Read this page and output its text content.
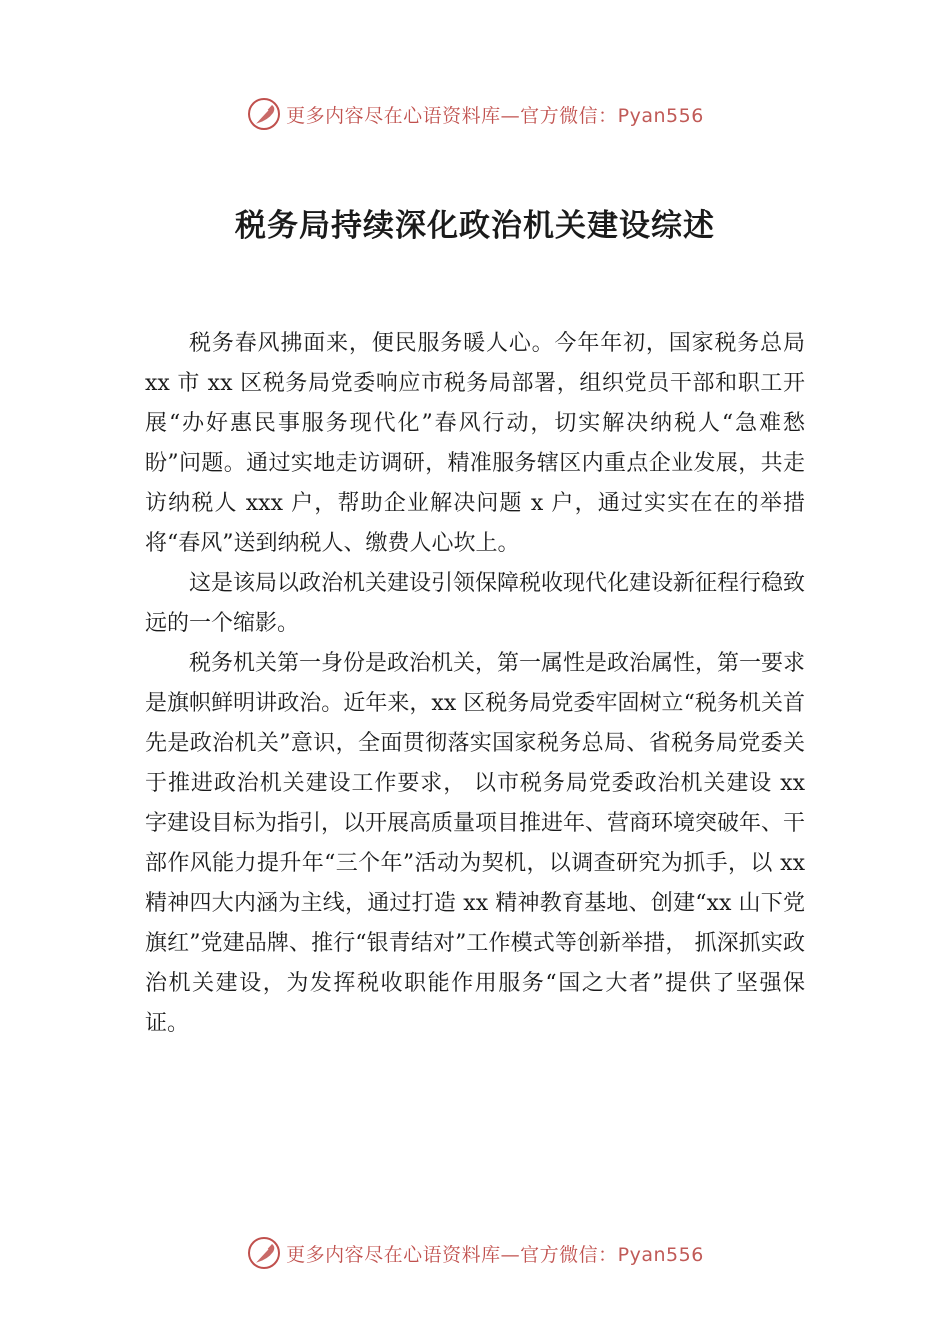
更多内容尽在心语资料库—官方微信：Pyan556
税务局持续深化政治机关建设综述

税务春风拂面来，便民服务暖人心。今年年初，国家税务总局 xx 市 xx 区税务局党委响应市税务局部署，组织党员干部和职工开展“办好惠民事服务现代化”春风行动，切实解决纳税人“急难愁盼”问题。通过实地走访调研，精准服务辖区内重点企业发展，共走访纳税人 xxx 户，帮助企业解决问题 x 户，通过实实在在的举措将“春风”送到纳税人、缴费人心坎上。

这是该局以政治机关建设引领保障税收现代化建设新征程行稳致远的一个缩影。

税务机关第一身份是政治机关，第一属性是政治属性，第一要求是旗帜鲜明讲政治。近年来，xx 区税务局党委牢固树立“税务机关首先是政治机关”意识，全面贯彻落实国家税务总局、省税务局党委关于推进政治机关建设工作要求， 以市税务局党委政治机关建设 xx 字建设目标为指引，以开展高质量项目推进年、营商环境突破年、干部作风能力提升年“三个年”活动为契机，以调查研究为抓手，以 xx 精神四大内涵为主线，通过打造 xx 精神教育基地、创建“xx 山下党旗红”党建品牌、推行“银青结对”工作模式等创新举措， 抓深抓实政治机关建设，为发挥税收职能作用服务“国之大者”提供了坚强保证。

更多内容尽在心语资料库—官方微信：Pyan556
